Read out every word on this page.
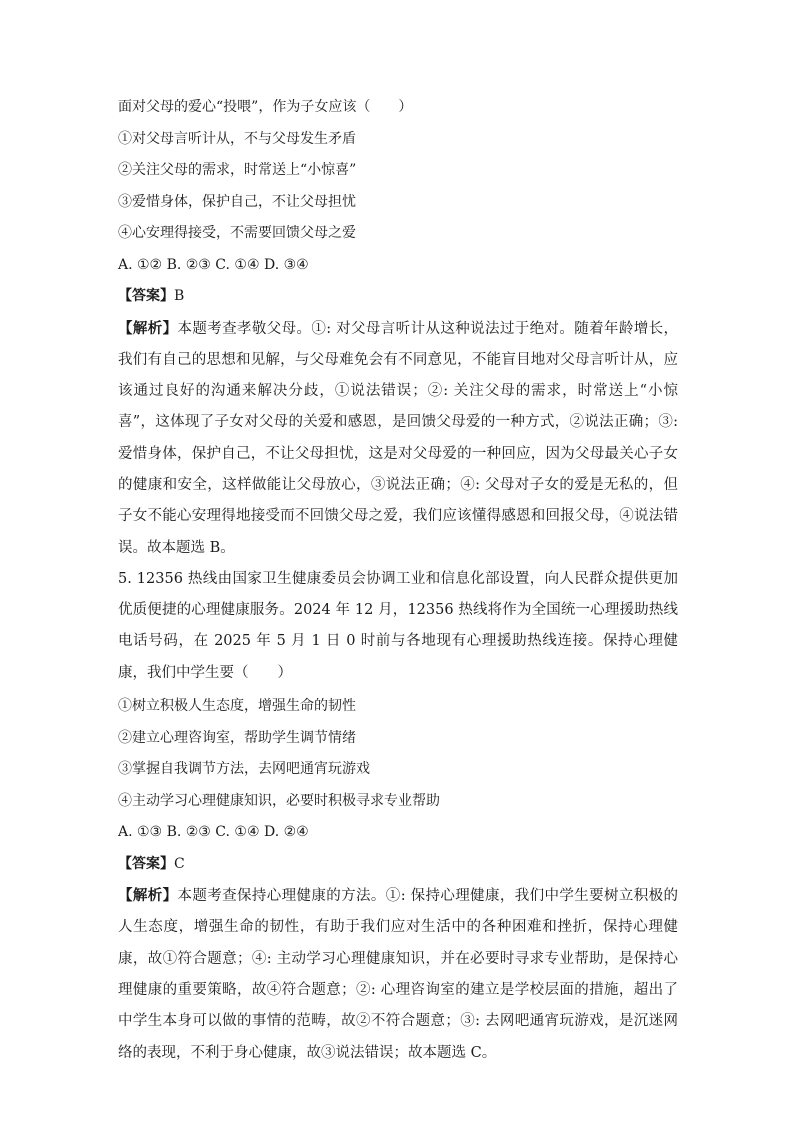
面对父母的爱心“投喂”，作为子女应该（　　）
①对父母言听计从，不与父母发生矛盾
②关注父母的需求，时常送上“小惊喜”
③爱惜身体，保护自己，不让父母担忧
④心安理得接受，不需要回馈父母之爱
A. ①② B. ②③ C. ①④ D. ③④
【答案】B
【解析】本题考查孝敬父母。①: 对父母言听计从这种说法过于绝对。随着年龄增长，我们有自己的思想和见解，与父母难免会有不同意见，不能盲目地对父母言听计从，应该通过良好的沟通来解决分歧，①说法错误；②: 关注父母的需求，时常送上“小惊喜”，这体现了子女对父母的关爱和感恩，是回馈父母爱的一种方式，②说法正确；③: 爱惜身体，保护自己，不让父母担忧，这是对父母爱的一种回应，因为父母最关心子女的健康和安全，这样做能让父母放心，③说法正确；④: 父母对子女的爱是无私的，但子女不能心安理得地接受而不回馈父母之爱，我们应该懂得感恩和回报父母，④说法错误。故本题选 B。
5. 12356 热线由国家卫生健康委员会协调工业和信息化部设置，向人民群众提供更加优质便捷的心理健康服务。2024 年 12 月，12356 热线将作为全国统一心理援助热线电话号码，在 2025 年 5 月 1 日 0 时前与各地现有心理援助热线连接。保持心理健康，我们中学生要（　　）
①树立积极人生态度，增强生命的韧性
②建立心理咨询室，帮助学生调节情绪
③掌握自我调节方法，去网吧通宵玩游戏
④主动学习心理健康知识，必要时积极寻求专业帮助
A. ①③ B. ②③ C. ①④ D. ②④
【答案】C
【解析】本题考查保持心理健康的方法。①: 保持心理健康，我们中学生要树立积极的人生态度，增强生命的韧性，有助于我们应对生活中的各种困难和挫折，保持心理健康，故①符合题意；④: 主动学习心理健康知识，并在必要时寻求专业帮助，是保持心理健康的重要策略，故④符合题意；②: 心理咨询室的建立是学校层面的措施，超出了中学生本身可以做的事情的范畴，故②不符合题意；③: 去网吧通宵玩游戏，是沉迷网络的表现，不利于身心健康，故③说法错误；故本题选 C。
